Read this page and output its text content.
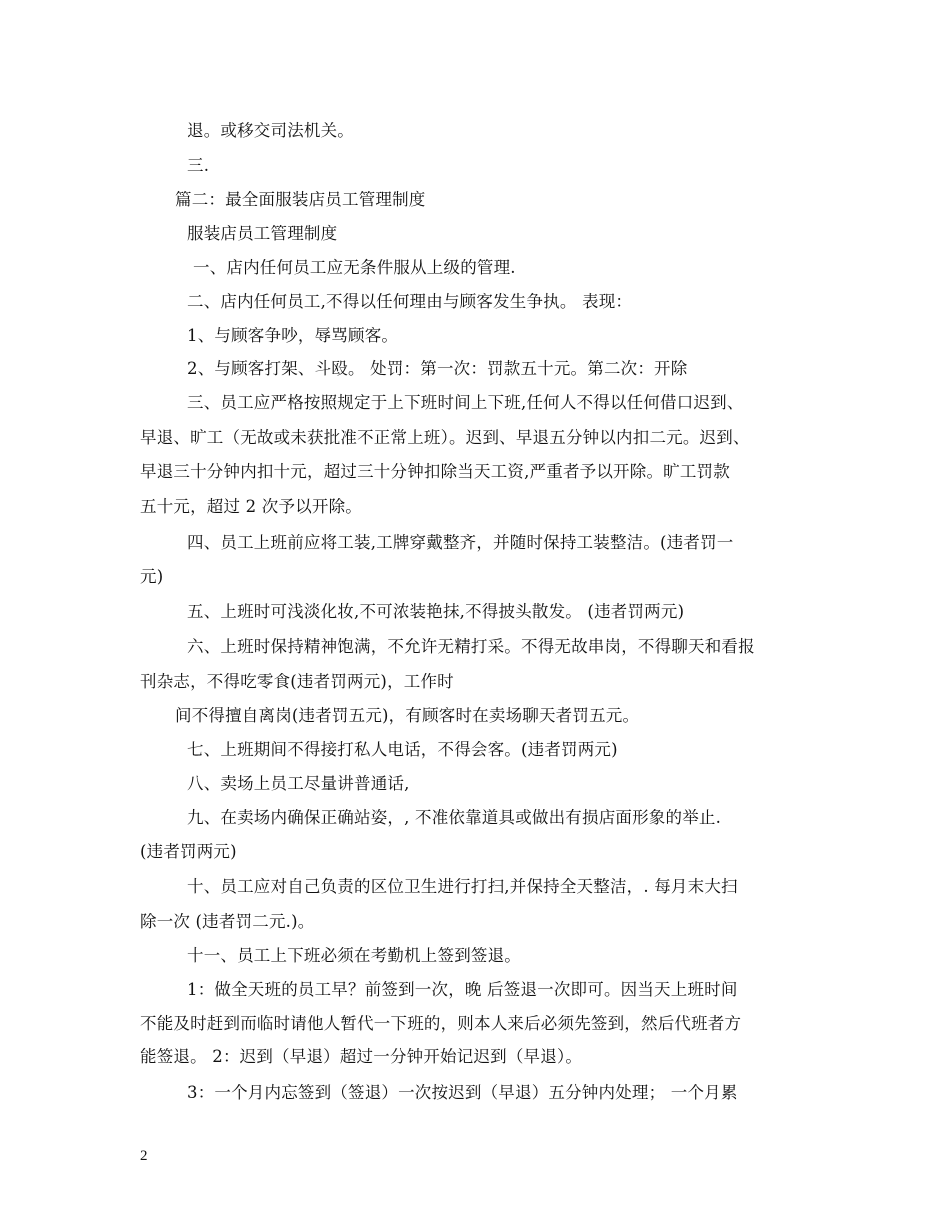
退。或移交司法机关。
三.
篇二：最全面服装店员工管理制度
服装店员工管理制度
一、店内任何员工应无条件服从上级的管理.
二、店内任何员工,不得以任何理由与顾客发生争执。 表现：
1、与顾客争吵，辱骂顾客。
2、与顾客打架、斗殴。 处罚：第一次：罚款五十元。第二次：开除
三、员工应严格按照规定于上下班时间上下班,任何人不得以任何借口迟到、
早退、旷工（无故或未获批准不正常上班）。迟到、早退五分钟以内扣二元。迟到、
早退三十分钟内扣十元，超过三十分钟扣除当天工资,严重者予以开除。旷工罚款
五十元，超过 2 次予以开除。
四、员工上班前应将工装,工牌穿戴整齐，并随时保持工装整洁。(违者罚一
元)
五、上班时可浅淡化妆,不可浓装艳抹,不得披头散发。 (违者罚两元)
六、上班时保持精神饱满，不允许无精打采。不得无故串岗，不得聊天和看报
刊杂志，不得吃零食(违者罚两元)，工作时
间不得擅自离岗(违者罚五元)，有顾客时在卖场聊天者罚五元。
七、上班期间不得接打私人电话，不得会客。(违者罚两元)
八、卖场上员工尽量讲普通话,
九、在卖场内确保正确站姿，, 不准依靠道具或做出有损店面形象的举止.
(违者罚两元)
十、员工应对自己负责的区位卫生进行打扫,并保持全天整洁，. 每月末大扫
除一次 (违者罚二元.)。
十一、员工上下班必须在考勤机上签到签退。
1：做全天班的员工早？前签到一次，晚 后签退一次即可。因当天上班时间
不能及时赶到而临时请他人暂代一下班的，则本人来后必须先签到，然后代班者方
能签退。 2：迟到（早退）超过一分钟开始记迟到（早退）。
3：一个月内忘签到（签退）一次按迟到（早退）五分钟内处理； 一个月累
2
